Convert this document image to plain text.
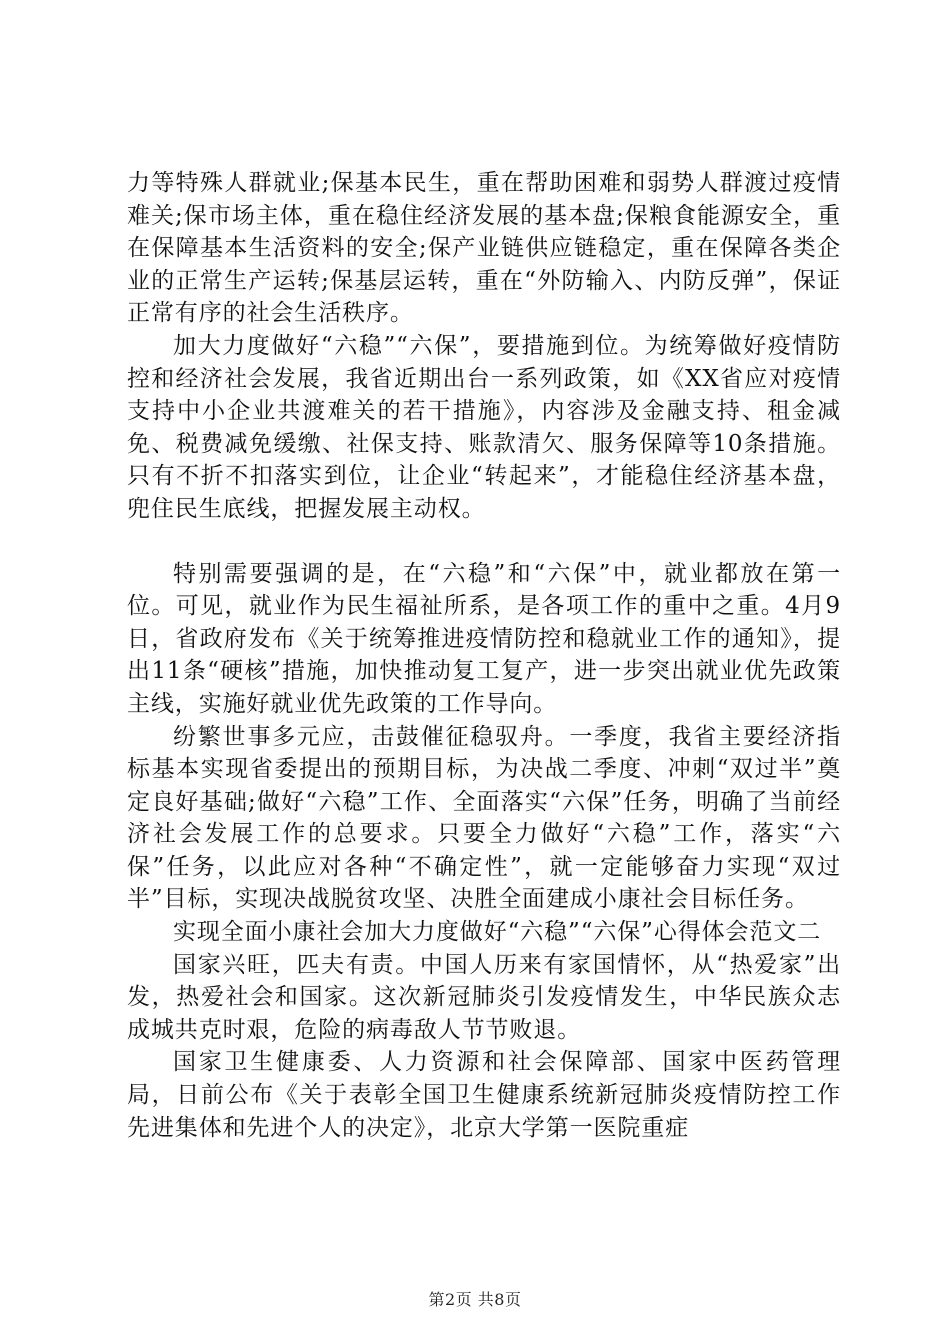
力等特殊人群就业;保基本民生，重在帮助困难和弱势人群渡过疫情难关;保市场主体，重在稳住经济发展的基本盘;保粮食能源安全，重在保障基本生活资料的安全;保产业链供应链稳定，重在保障各类企业的正常生产运转;保基层运转，重在“外防输入、内防反弹”，保证正常有序的社会生活秩序。

加大力度做好“六稳”“六保”，要措施到位。为统筹做好疫情防控和经济社会发展，我省近期出台一系列政策，如《XX省应对疫情支持中小企业共渡难关的若干措施》，内容涉及金融支持、租金减免、税费减免缓缴、社保支持、账款清欠、服务保障等10条措施。只有不折不扣落实到位，让企业“转起来”，才能稳住经济基本盘，兜住民生底线，把握发展主动权。

特别需要强调的是，在“六稳”和“六保”中，就业都放在第一位。可见，就业作为民生福祉所系，是各项工作的重中之重。4月9日，省政府发布《关于统筹推进疫情防控和稳就业工作的通知》，提出11条“硬核”措施，加快推动复工复产，进一步突出就业优先政策主线，实施好就业优先政策的工作导向。

纷繁世事多元应，击鼓催征稳驭舟。一季度，我省主要经济指标基本实现省委提出的预期目标，为决战二季度、冲刺“双过半”奠定良好基础;做好“六稳”工作、全面落实“六保”任务，明确了当前经济社会发展工作的总要求。只要全力做好“六稳”工作，落实“六保”任务，以此应对各种“不确定性”，就一定能够奋力实现“双过半”目标，实现决战脱贫攻坚、决胜全面建成小康社会目标任务。

实现全面小康社会加大力度做好“六稳”“六保”心得体会范文二

国家兴旺，匹夫有责。中国人历来有家国情怀，从“热爱家”出发，热爱社会和国家。这次新冠肺炎引发疫情发生，中华民族众志成城共克时艰，危险的病毒敌人节节败退。

国家卫生健康委、人力资源和社会保障部、国家中医药管理局，日前公布《关于表彰全国卫生健康系统新冠肺炎疫情防控工作先进集体和先进个人的决定》，北京大学第一医院重症

第2页 共8页
